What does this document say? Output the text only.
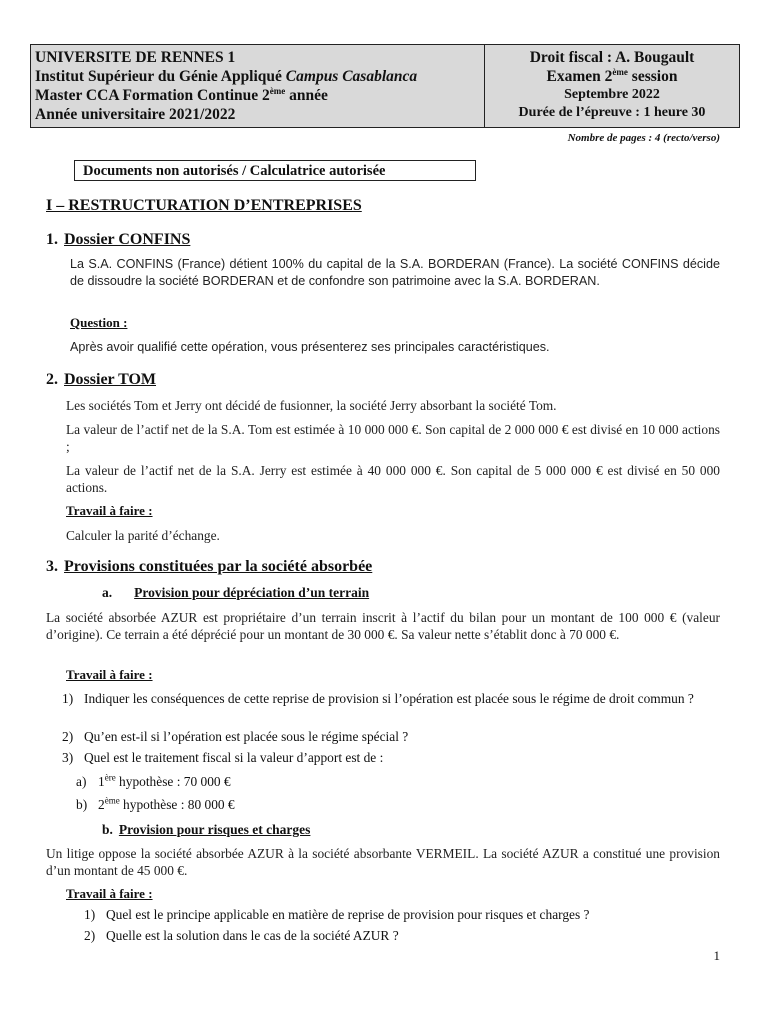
UNIVERSITE DE RENNES 1
Institut Supérieur du Génie Appliqué Campus Casablanca
Master CCA Formation Continue 2ème année
Année universitaire 2021/2022
Droit fiscal : A. Bougault
Examen 2ème session
Septembre 2022
Durée de l’épreuve : 1 heure 30
Nombre de pages : 4 (recto/verso)
Documents non autorisés / Calculatrice autorisée
I – RESTRUCTURATION D’ENTREPRISES
1. Dossier CONFINS
La S.A. CONFINS (France) détient 100% du capital de la S.A. BORDERAN (France). La société CONFINS décide de dissoudre la société BORDERAN et de confondre son patrimoine avec la S.A. BORDERAN.
Question :
Après avoir qualifié cette opération, vous présenterez ses principales caractéristiques.
2. Dossier TOM
Les sociétés Tom et Jerry ont décidé de fusionner, la société Jerry absorbant la société Tom.
La valeur de l’actif net de la S.A. Tom est estimée à 10 000 000 €. Son capital de 2 000 000 € est divisé en 10 000 actions ;
La valeur de l’actif net de la S.A. Jerry est estimée à 40 000 000 €. Son capital de 5 000 000 € est divisé en 50 000 actions.
Travail à faire :
Calculer la parité d’échange.
3. Provisions constituées par la société absorbée
a. Provision pour dépréciation d’un terrain
La société absorbée AZUR est propriétaire d’un terrain inscrit à l’actif du bilan pour un montant de 100 000 € (valeur d’origine). Ce terrain a été déprécié pour un montant de 30 000 €. Sa valeur nette s’établit donc à 70 000 €.
Travail à faire :
1) Indiquer les conséquences de cette reprise de provision si l’opération est placée sous le régime de droit commun ?
2) Qu’en est-il si l’opération est placée sous le régime spécial ?
3) Quel est le traitement fiscal si la valeur d’apport est de :
a) 1ère hypothèse : 70 000 €
b) 2ème hypothèse : 80 000 €
b. Provision pour risques et charges
Un litige oppose la société absorbée AZUR à la société absorbante VERMEIL. La société AZUR a constitué une provision d’un montant de 45 000 €.
Travail à faire :
1) Quel est le principe applicable en matière de reprise de provision pour risques et charges ?
2) Quelle est la solution dans le cas de la société AZUR ?
1
